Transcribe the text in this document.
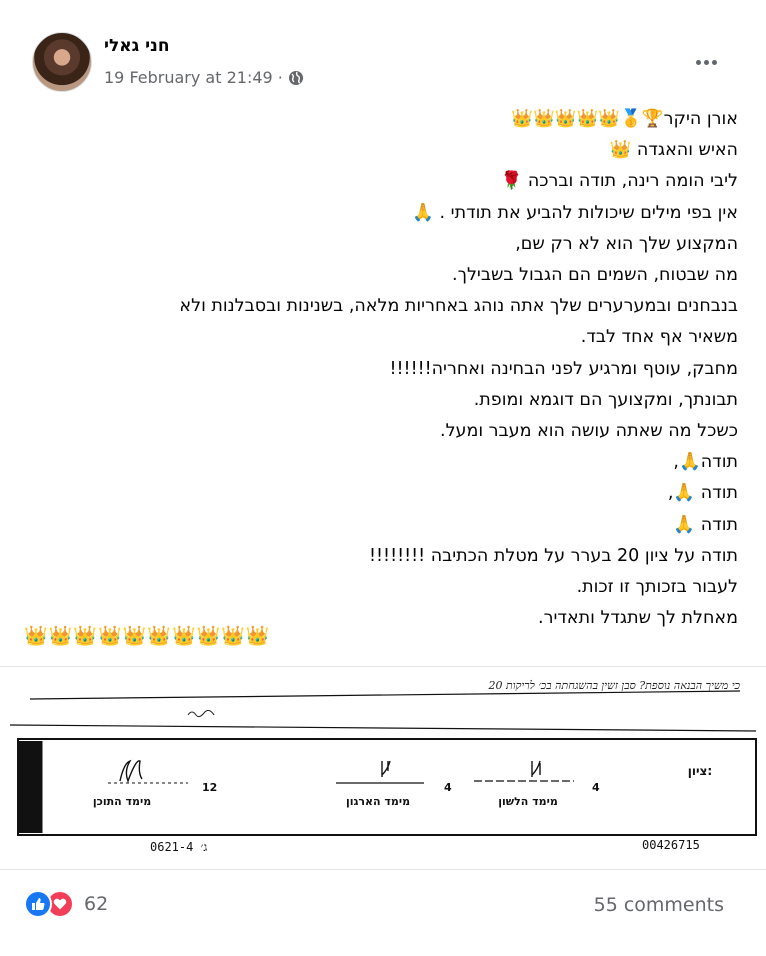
חני גאלי
19 February at 21:49 ·
אורן היקר🏆🥇👑👑👑👑👑
האיש והאגדה 👑
ליבי הומה רינה, תודה וברכה 🌹
אין בפי מילים שיכולות להביע את תודתי . 🙏
המקצוע שלך הוא לא רק שם,
מה שבטוח, השמים הם הגבול בשבילך.
בנבחנים ובמערערים שלך אתה נוהג באחריות מלאה, בשנינות ובסבלנות ולא
משאיר אף אחד לבד.
מחבק, עוטף ומרגיע לפני הבחינה ואחריה!!!!!!
תבונתך, ומקצועך הם דוגמא ומופת.
כשכל מה שאתה עושה הוא מעבר ומעל.
תודה🙏,
תודה 🙏,
תודה 🙏
תודה על ציון 20 בערר על מטלת הכתיבה !!!!!!!!
לעבור בזכותך זו זכות.
מאחלת לך שתגדל ותאדיר.
👑👑👑👑👑👑👑👑👑👑
כי משיך הבנאה נוספת? סבן זשין בהשגחתה בכ׳ לריקות 20
ציון:
12
מימד התוכן
4
מימד הארגון
4
מימד הלשון
ג׳ 0621-4	00426715
62	55 comments
